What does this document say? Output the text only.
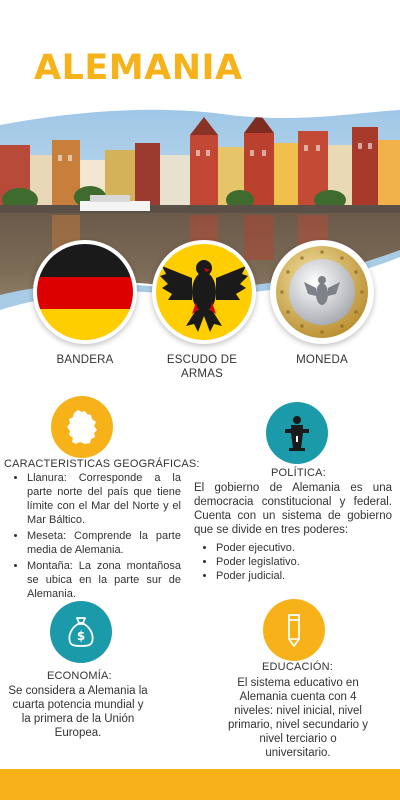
ALEMANIA
BANDERA	ESCUDO DE ARMAS
MONEDA
CARACTERISTICAS GEOGRÁFICAS:
• Llanura: Corresponde a la parte norte del país que tiene límite con el Mar del Norte y el Mar Báltico.
• Meseta: Comprende la parte media de Alemania.
• Montaña: La zona montañosa se ubica en la parte sur de Alemania.
POLÍTICA:
El gobierno de Alemania es una democracia constitucional y federal. Cuenta con un sistema de gobierno que se divide en tres poderes:
• Poder ejecutivo.
• Poder legislativo.
• Poder judicial.
$
ECONOMÍA:
Se considera a Alemania la cuarta potencia mundial y la primera de la Unión Europea.
EDUCACIÓN:
El sistema educativo en Alemania cuenta con 4 niveles: nivel inicial, nivel primario, nivel secundario y nivel terciario o universitario.
